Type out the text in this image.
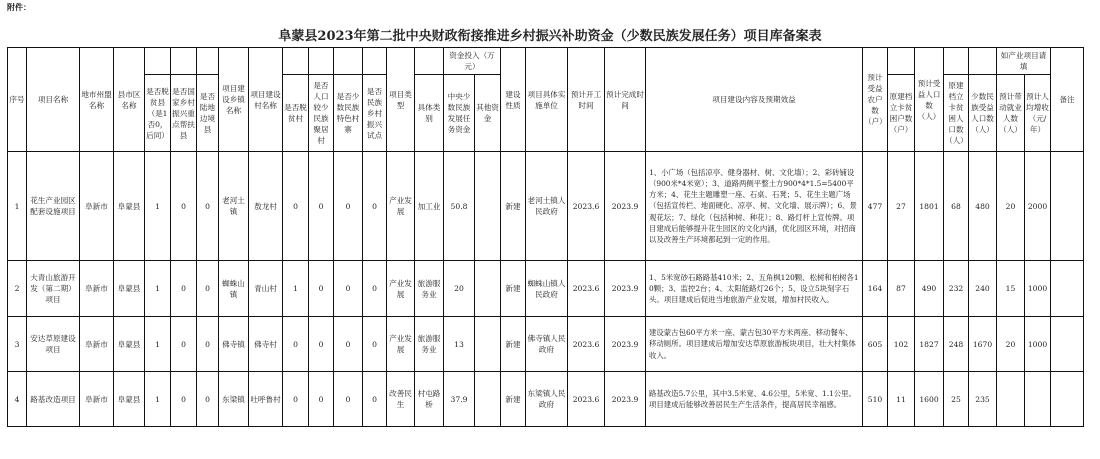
附件：
阜蒙县2023年第二批中央财政衔接推进乡村振兴补助资金（少数民族发展任务）项目库备案表
序号	项目名称	地市州盟名称	县市区名称				项目建设乡镇名称	项目建设村名称					项目类型		资金投入（万元）		建设性质	项目具体实施单位	预计开工时间	预计完成时间	项目建设内容及预期效益	预计受益农户数（户）		预计受益人口数（人）			如产业项目请填		备注
				是否脱贫县（是1否0，后同）	是否国家乡村振兴重点帮扶县	是否陆地边境县			是否脱贫村	是否人口较少民族聚居村	是否少数民族特色村寨	是否民族乡村振兴试点		具体类别	中央少数民族发展任务资金	其他资金							原建档立卡贫困户数（户）		原建档立卡贫困人口数（人）	少数民族受益人口数（人）	预计带动就业人数（人）	预计人均增收（元/年）	
1	花生产业园区配套设施项目	阜新市	阜蒙县	1	0	0	老河土镇	敖龙村	0	0	0	0	产业发展	加工业	50.8		新建	老河土镇人民政府	2023.6	2023.9	1、小广场（包括凉亭、健身器材、树、文化墙）；2、彩砖铺设（900米*4米宽）；3、道路两侧平整土方900*4*1.5=5400平方米；4、花生主题雕塑一座、石桌、石凳；5、花生主题广场（包括宣传栏、地面硬化、凉亭、树、文化墙、展示牌）；6、景观花坛；7、绿化（包括种树、种花）；8、路灯杆上宣传牌。项目建成后能够提升花生园区的文化内涵，优化园区环境，对招商以及改善生产环境都起到一定的作用。	477	27	1801	68	480	20	2000	
2	大青山旅游开发（第二期）项目	阜新市	阜蒙县	1	0	0	蜘蛛山镇	青山村	1	0	0	0	产业发展	旅游服务业	20		新建	蜘蛛山镇人民政府	2023.6	2023.9	1、5米宽砂石路路基410米；2、五角枫120颗、松树和柏树各10颗；3、监控2台；4、太阳能路灯26个；5、设立5块刻字石头。项目建成后促进当地旅游产业发展，增加村民收入。	164	87	490	232	240	15	1000	
3	安达草原建设项目	阜新市	阜蒙县	1	0	0	佛寺镇	佛寺村	0	0	0	0	产业发展	旅游服务业	13		新建	佛寺镇人民政府	2023.6	2023.9	建设蒙古包60平方米一座、蒙古包30平方米两座、移动餐车、移动厕所。项目建成后增加安达草原旅游板块项目，壮大村集体收入。	605	102	1827	248	1670	20	1000	
4	路基改造项目	阜新市	阜蒙县	1	0	0	东梁镇	吐呼鲁村	0	0	0	0	改善民生	村屯路桥	37.9		新建	东梁镇人民政府	2023.6	2023.9	路基改造5.7公里，其中3.5米宽、4.6公里，5米宽、1.1公里。项目建成后能够改善居民生产生活条件，提高居民幸福感。	510	11	1600	25	235			
